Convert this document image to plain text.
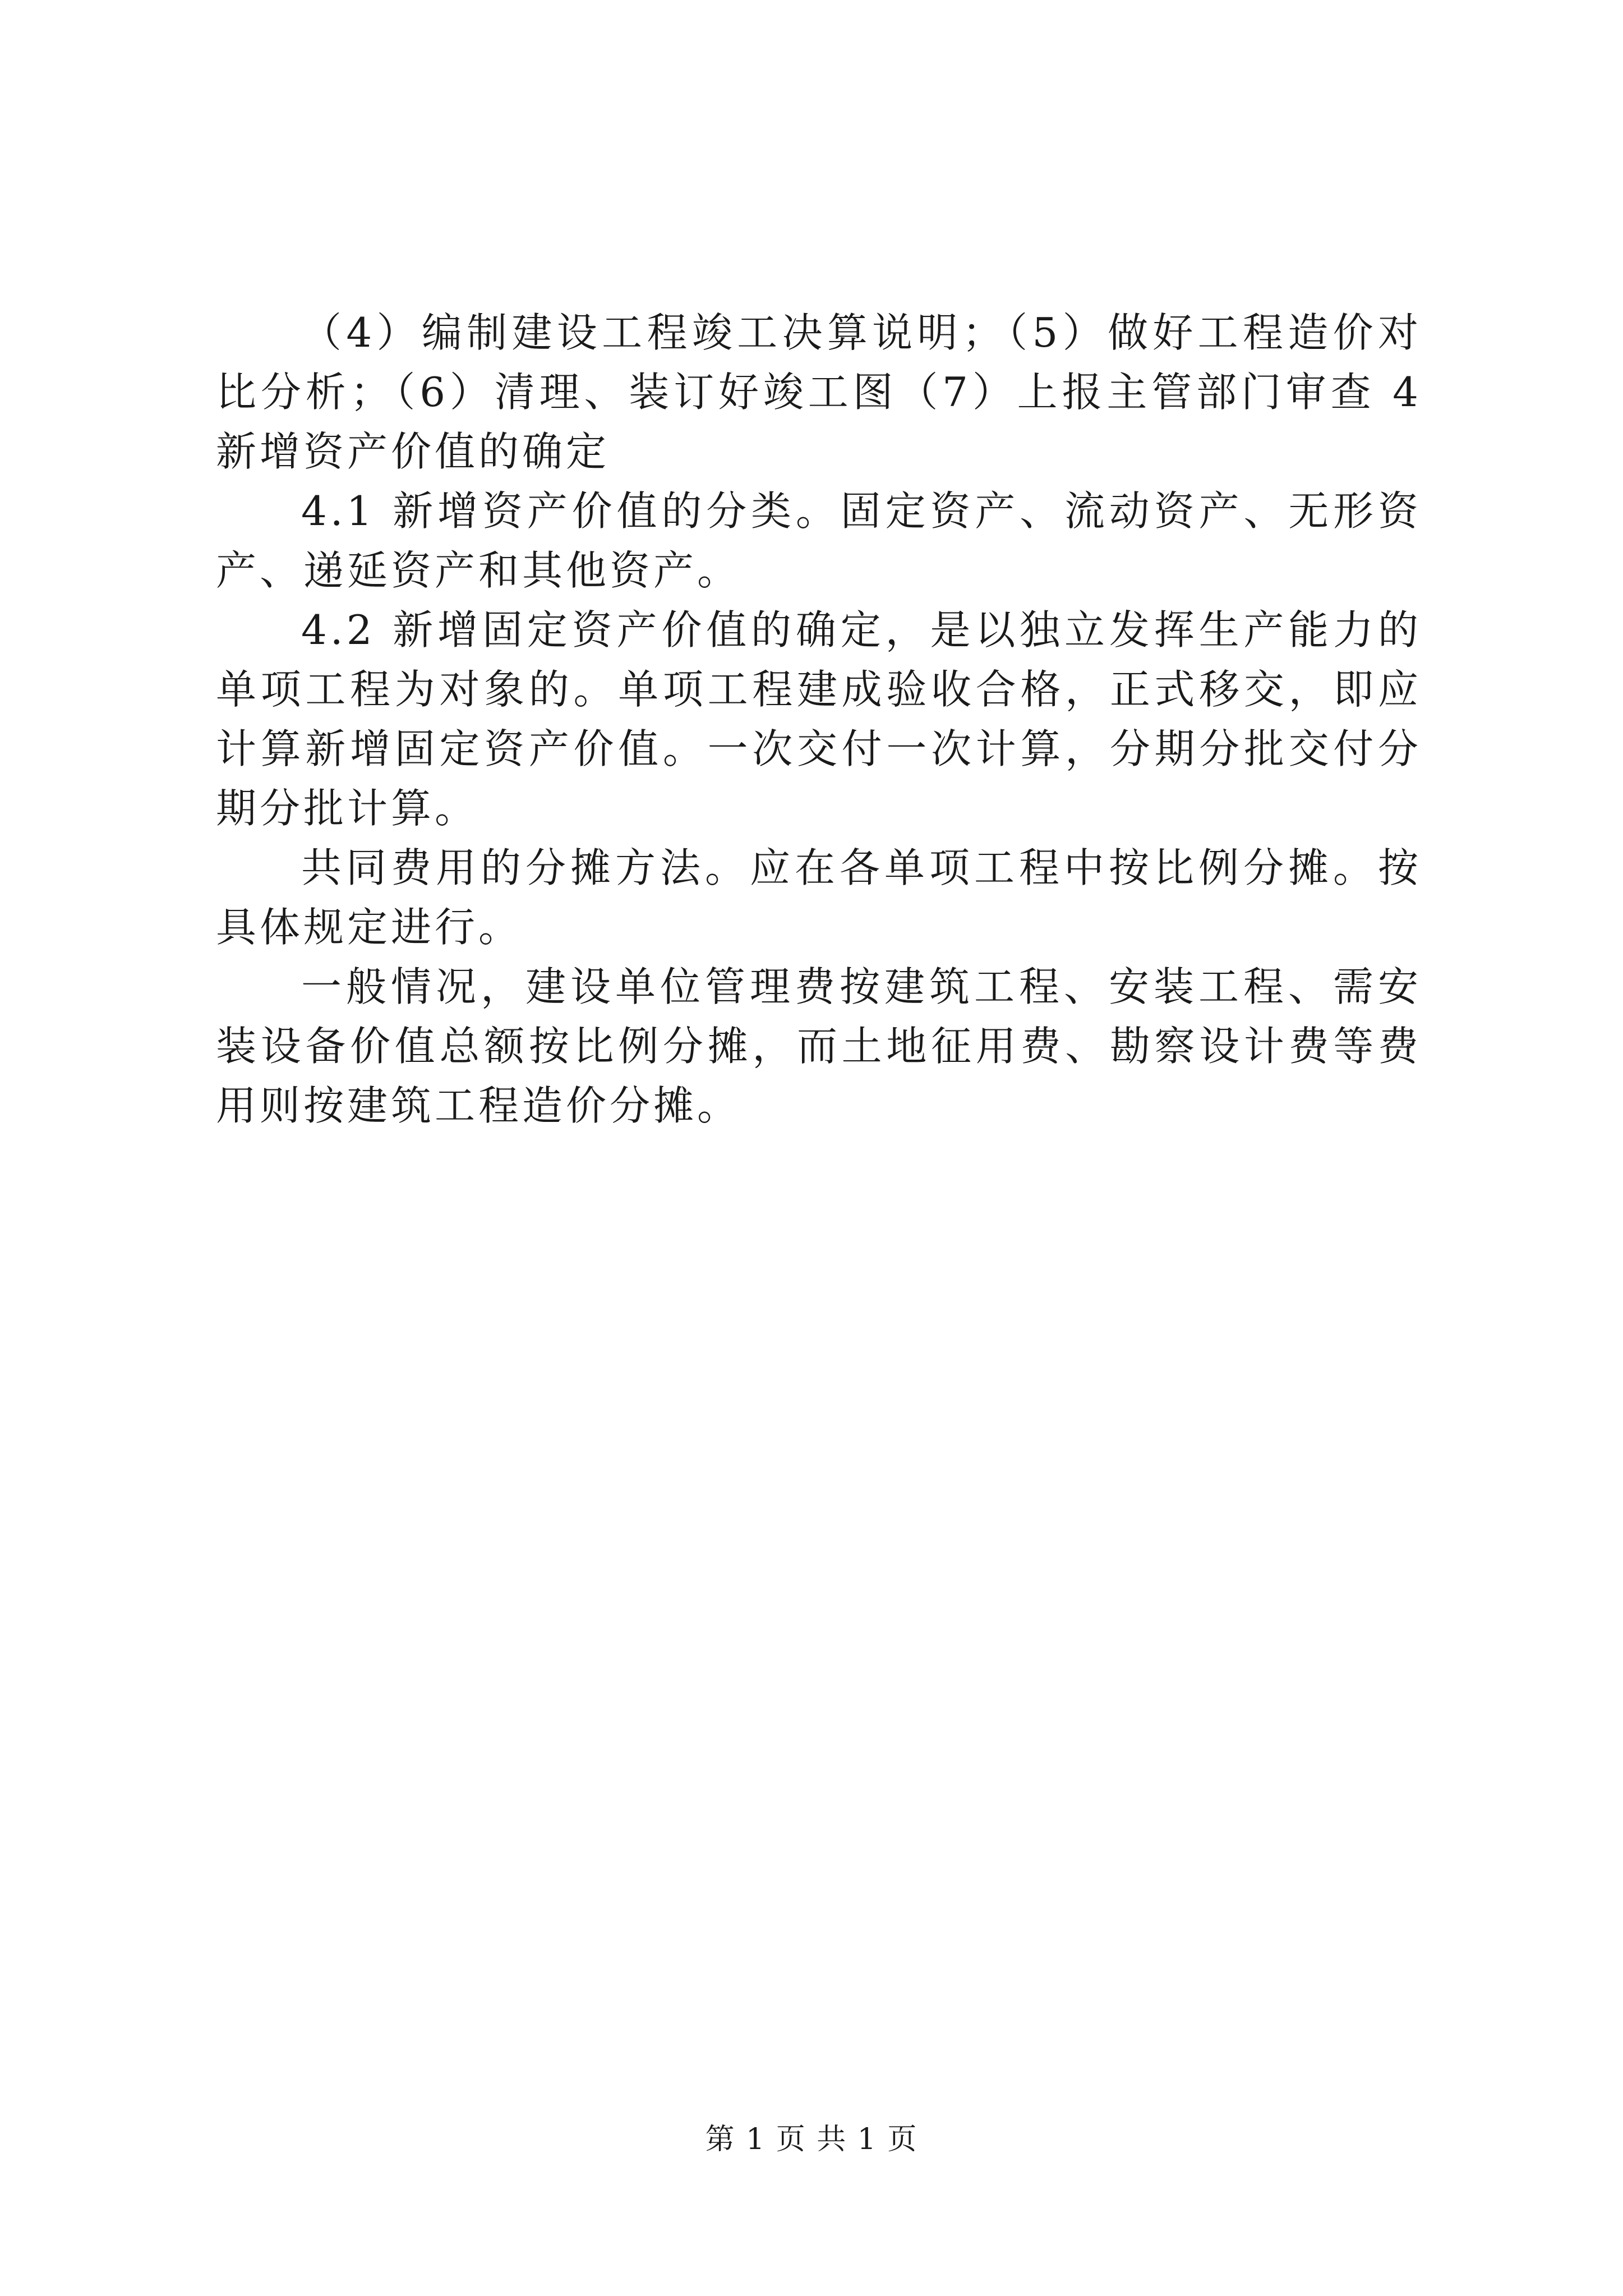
（4）编制建设工程竣工决算说明；（5）做好工程造价对比分析；（6）清理、装订好竣工图（7）上报主管部门审查 4 新增资产价值的确定

4.1 新增资产价值的分类。固定资产、流动资产、无形资产、递延资产和其他资产。

4.2 新增固定资产价值的确定，是以独立发挥生产能力的单项工程为对象的。单项工程建成验收合格，正式移交，即应计算新增固定资产价值。一次交付一次计算，分期分批交付分期分批计算。

共同费用的分摊方法。应在各单项工程中按比例分摊。按具体规定进行。

一般情况，建设单位管理费按建筑工程、安装工程、需安装设备价值总额按比例分摊，而土地征用费、勘察设计费等费用则按建筑工程造价分摊。

第 1 页 共 1 页
